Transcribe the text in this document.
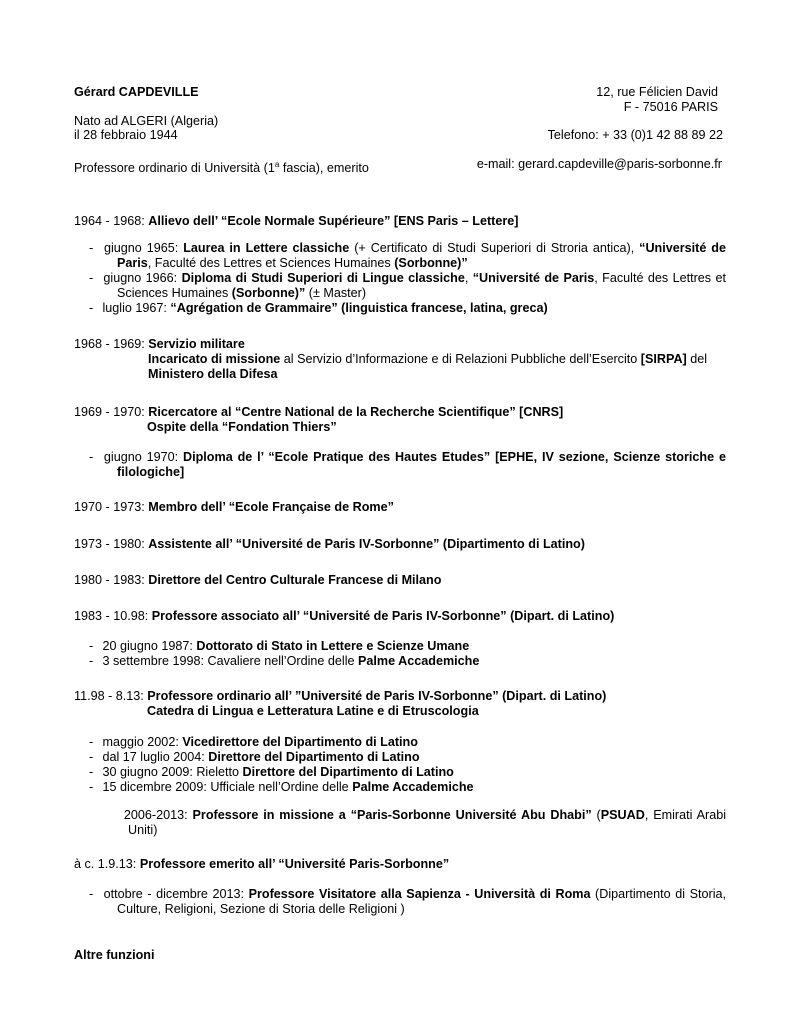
Gérard CAPDEVILLE	12, rue Félicien David
F - 75016 PARIS
Nato ad ALGERI (Algeria)
il 28 febbraio 1944	Telefono: + 33 (0)1 42 88 89 22
Professore ordinario di Università (1$^a$ fascia), emerito	e-mail: gerard.capdeville@paris-sorbonne.fr
1964 - 1968: Allievo dell’ “Ecole Normale Supérieure” [ENS Paris – Lettere]
- giugno 1965: Laurea in Lettere classiche (+ Certificato di Studi Superiori di Stroria antica), “Université de Paris, Faculté des Lettres et Sciences Humaines (Sorbonne)”
- giugno 1966: Diploma di Studi Superiori di Lingue classiche, “Université de Paris, Faculté des Lettres et Sciences Humaines (Sorbonne)” (± Master)
- luglio 1967: “Agrégation de Grammaire” (linguistica francese, latina, greca)
1968 - 1969: Servizio militare
Incaricato di missione al Servizio d’Informazione e di Relazioni Pubbliche dell’Esercito [SIRPA] del
Ministero della Difesa
1969 - 1970: Ricercatore al “Centre National de la Recherche Scientifique” [CNRS]
Ospite della “Fondation Thiers”
- giugno 1970: Diploma de l’ “Ecole Pratique des Hautes Etudes” [EPHE, IV sezione, Scienze storiche e filologiche]
1970 - 1973: Membro dell’ “Ecole Française de Rome”
1973 - 1980: Assistente all’ “Université de Paris IV-Sorbonne” (Dipartimento di Latino)
1980 - 1983: Direttore del Centro Culturale Francese di Milano
1983 - 10.98: Professore associato all’ “Université de Paris IV-Sorbonne” (Dipart. di Latino)
- 20 giugno 1987: Dottorato di Stato in Lettere e Scienze Umane
- 3 settembre 1998: Cavaliere nell’Ordine delle Palme Accademiche
11.98 - 8.13: Professore ordinario all’ ”Université de Paris IV-Sorbonne” (Dipart. di Latino)
Catedra di Lingua e Letteratura Latine e di Etruscologia
- maggio 2002: Vicedirettore del Dipartimento di Latino
- dal 17 luglio 2004: Direttore del Dipartimento di Latino
- 30 giugno 2009: Rieletto Direttore del Dipartimento di Latino
- 15 dicembre 2009: Ufficiale nell’Ordine delle Palme Accademiche
2006-2013: Professore in missione a “Paris-Sorbonne Université Abu Dhabi” (PSUAD, Emirati Arabi Uniti)
à c. 1.9.13: Professore emerito all’ “Université Paris-Sorbonne”
- ottobre - dicembre 2013: Professore Visitatore alla Sapienza - Università di Roma (Dipartimento di Storia, Culture, Religioni, Sezione di Storia delle Religioni )
Altre funzioni
